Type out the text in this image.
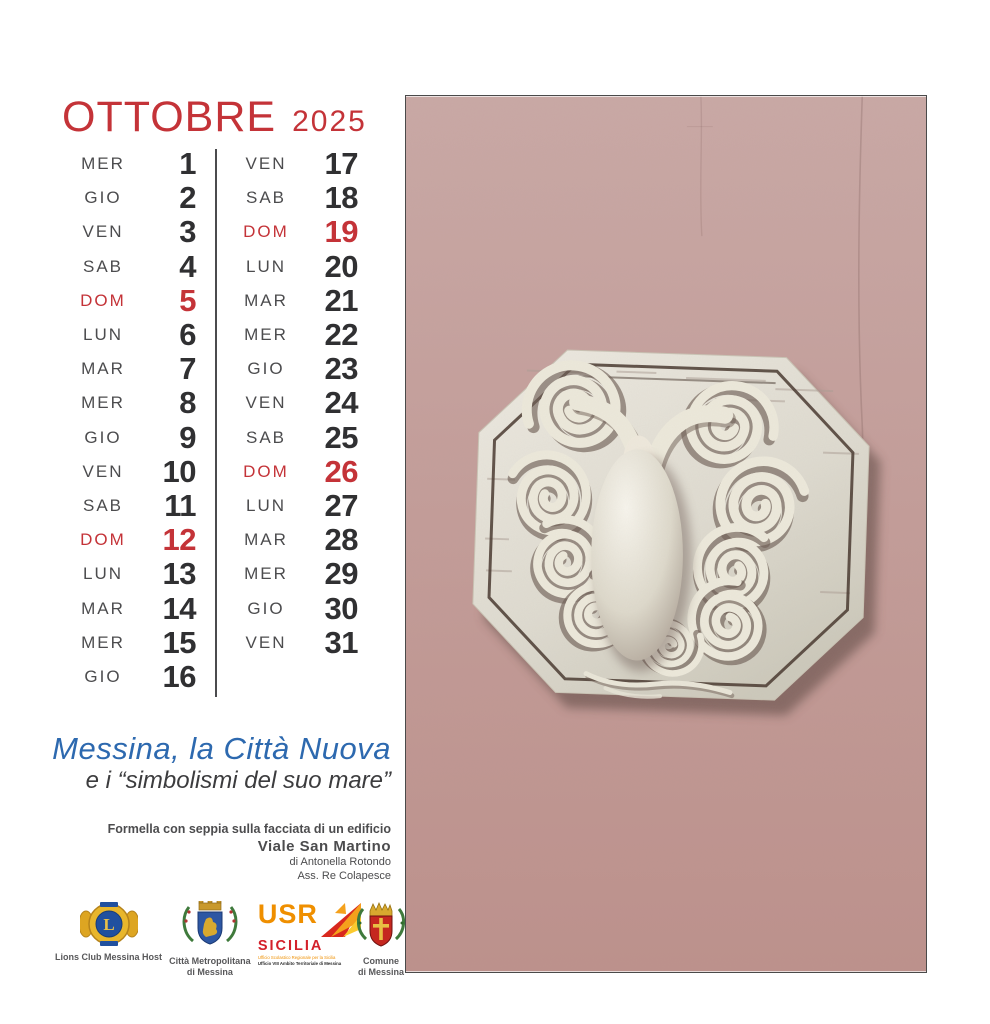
OTTOBRE 2025
MER	1
GIO	2
VEN	3
SAB	4
DOM	5
LUN	6
MAR	7
MER	8
GIO	9
VEN	10
SAB	11
DOM	12
LUN	13
MAR	14
MER	15
GIO	16
VEN	17
SAB	18
DOM	19
LUN	20
MAR	21
MER	22
GIO	23
VEN	24
SAB	25
DOM	26
LUN	27
MAR	28
MER	29
GIO	30
VEN	31
Messina, la Città Nuova
e i “simbolismi del suo mare”
Formella con seppia sulla facciata di un edificio
Viale San Martino
di Antonella Rotondo
Ass. Re Colapesce
L
Lions Club Messina Host Città Metropolitana
di Messina
USR
SICILIA
Ufficio Scolastico Regionale per la Sicilia
Ufficio VIII Ambito Territoriale di Messina Comune
di Messina
